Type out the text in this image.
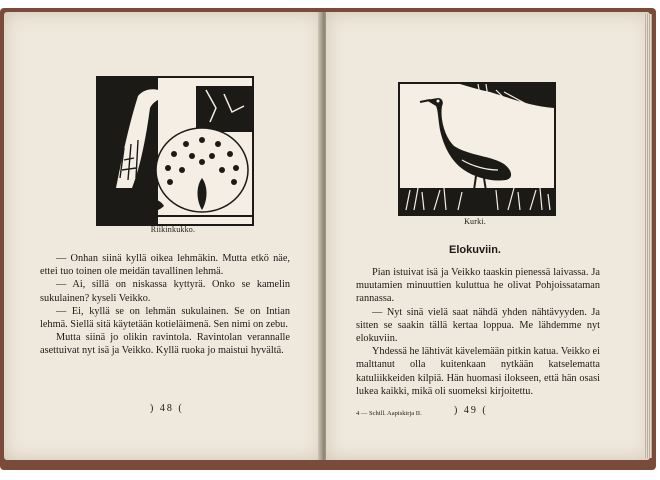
Riikinkukko.

— Onhan siinä kyllä oikea lehmäkin. Mutta etkö näe, ettei tuo toinen ole meidän tavallinen lehmä.

— Ai, sillä on niskassa kyttyrä. Onko se kamelin sukulainen? kyseli Veikko.

— Ei, kyllä se on lehmän sukulainen. Se on Intian lehmä. Siellä sitä käytetään kotieläimenä. Sen nimi on zebu.

Mutta siinä jo olikin ravintola. Ravintolan verannalle asettuivat nyt isä ja Veikko. Kyllä ruoka jo maistui hyvältä.

) 48 (
Kurki.
Elokuviin.

Pian istuivat isä ja Veikko taaskin pienessä laivassa. Ja muutamien minuuttien kuluttua he olivat Pohjoissataman rannassa.

— Nyt sinä vielä saat nähdä yhden nähtävyyden. Ja sitten se saakin tällä kertaa loppua. Me lähdemme nyt elokuviin.

Yhdessä he lähtivät kävelemään pitkin katua. Veikko ei malttanut olla kuitenkaan nytkään katselematta katuliikkeiden kilpiä. Hän huomasi ilokseen, että hän osasi lukea kaikki, mikä oli suomeksi kirjoitettu.

4 — Schill. Aapiskirja II.	) 49 (
